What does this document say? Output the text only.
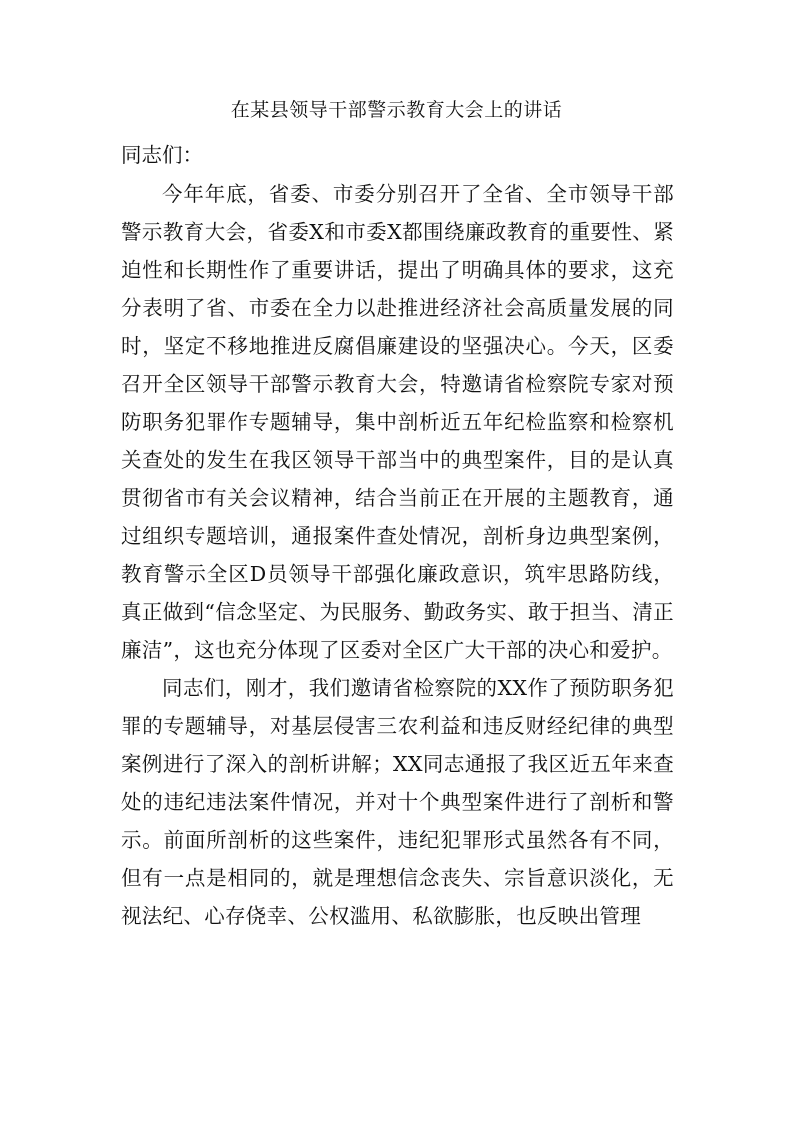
在某县领导干部警示教育大会上的讲话
同志们：

今年年底，省委、市委分别召开了全省、全市领导干部警示教育大会，省委X和市委X都围绕廉政教育的重要性、紧迫性和长期性作了重要讲话，提出了明确具体的要求，这充分表明了省、市委在全力以赴推进经济社会高质量发展的同时，坚定不移地推进反腐倡廉建设的坚强决心。今天，区委召开全区领导干部警示教育大会，特邀请省检察院专家对预防职务犯罪作专题辅导，集中剖析近五年纪检监察和检察机关查处的发生在我区领导干部当中的典型案件，目的是认真贯彻省市有关会议精神，结合当前正在开展的主题教育，通过组织专题培训，通报案件查处情况，剖析身边典型案例，教育警示全区D员领导干部强化廉政意识，筑牢思路防线，真正做到“信念坚定、为民服务、勤政务实、敢于担当、清正廉洁”，这也充分体现了区委对全区广大干部的决心和爱护。

同志们，刚才，我们邀请省检察院的XX作了预防职务犯罪的专题辅导，对基层侵害三农利益和违反财经纪律的典型案例进行了深入的剖析讲解；XX同志通报了我区近五年来查处的违纪违法案件情况，并对十个典型案件进行了剖析和警示。前面所剖析的这些案件，违纪犯罪形式虽然各有不同，但有一点是相同的，就是理想信念丧失、宗旨意识淡化，无视法纪、心存侥幸、公权滥用、私欲膨胀，也反映出管理
